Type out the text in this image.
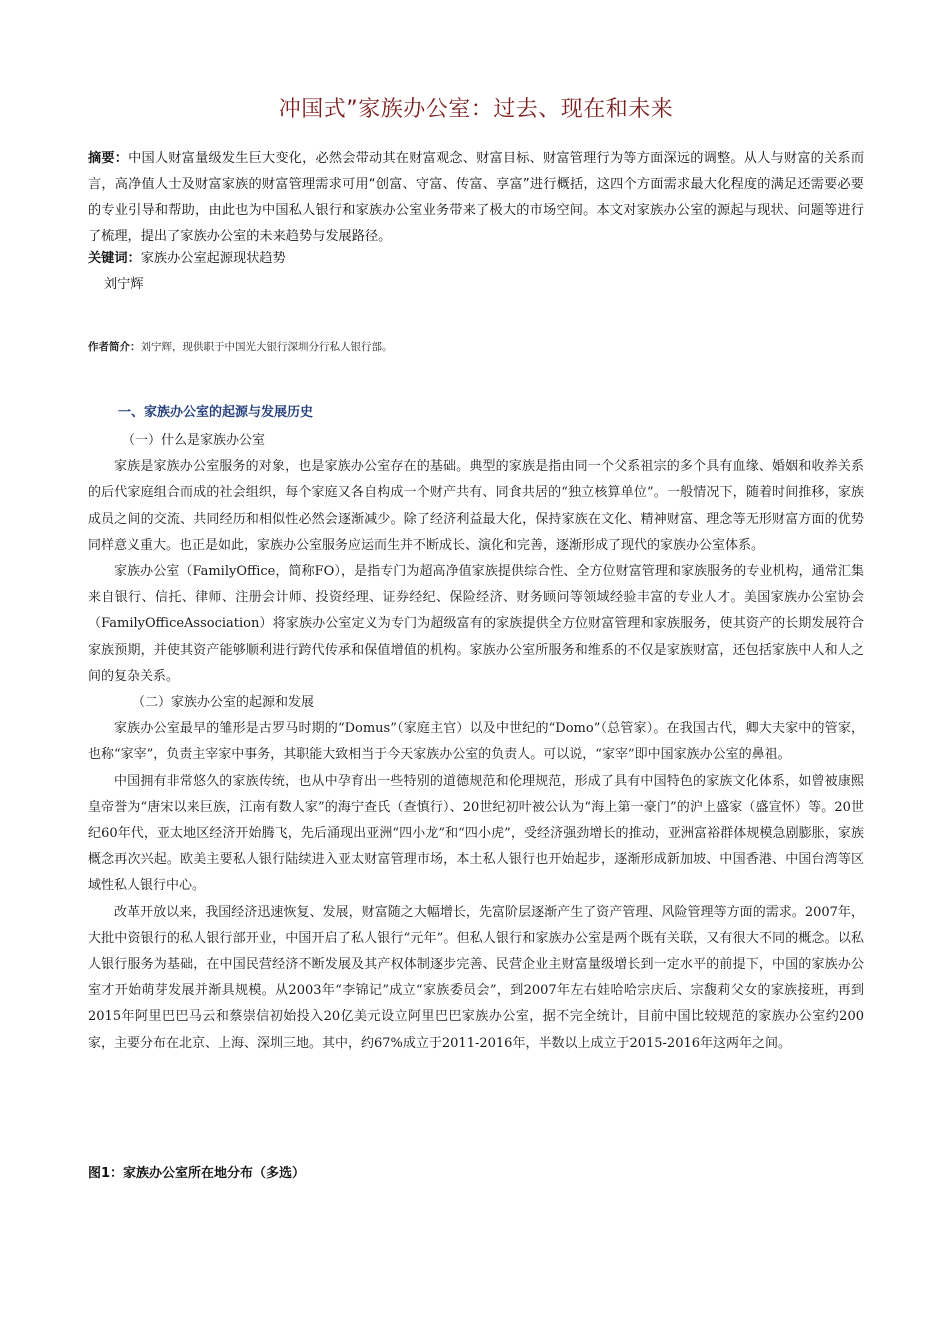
冲国式”家族办公室：过去、现在和未来
摘要：中国人财富量级发生巨大变化，必然会带动其在财富观念、财富目标、财富管理行为等方面深远的调整。从人与财富的关系而言，高净值人士及财富家族的财富管理需求可用“创富、守富、传富、享富”进行概括，这四个方面需求最大化程度的满足还需要必要的专业引导和帮助，由此也为中国私人银行和家族办公室业务带来了极大的市场空间。本文对家族办公室的源起与现状、问题等进行了梳理，提出了家族办公室的未来趋势与发展路径。
关键词：家族办公室起源现状趋势
刘宁辉
作者简介：刘宁辉，现供职于中国光大银行深圳分行私人银行部。
一、家族办公室的起源与发展历史

（一）什么是家族办公室

家族是家族办公室服务的对象，也是家族办公室存在的基础。典型的家族是指由同一个父系祖宗的多个具有血缘、婚姻和收养关系的后代家庭组合而成的社会组织，每个家庭又各自构成一个财产共有、同食共居的“独立核算单位”。一般情况下，随着时间推移，家族成员之间的交流、共同经历和相似性必然会逐渐减少。除了经济利益最大化，保持家族在文化、精神财富、理念等无形财富方面的优势同样意义重大。也正是如此，家族办公室服务应运而生并不断成长、演化和完善，逐渐形成了现代的家族办公室体系。

家族办公室（FamilyOffice，简称FO），是指专门为超高净值家族提供综合性、全方位财富管理和家族服务的专业机构，通常汇集来自银行、信托、律师、注册会计师、投资经理、证券经纪、保险经济、财务顾问等领域经验丰富的专业人才。美国家族办公室协会（FamilyOfficeAssociation）将家族办公室定义为专门为超级富有的家族提供全方位财富管理和家族服务，使其资产的长期发展符合家族预期，并使其资产能够顺利进行跨代传承和保值增值的机构。家族办公室所服务和维系的不仅是家族财富，还包括家族中人和人之间的复杂关系。

（二）家族办公室的起源和发展

家族办公室最早的雏形是古罗马时期的“Domus”（家庭主官）以及中世纪的“Domo”（总管家）。在我国古代，卿大夫家中的管家，也称“家宰”，负责主宰家中事务，其职能大致相当于今天家族办公室的负责人。可以说，“家宰”即中国家族办公室的鼻祖。

中国拥有非常悠久的家族传统，也从中孕育出一些特别的道德规范和伦理规范，形成了具有中国特色的家族文化体系，如曾被康熙皇帝誉为“唐宋以来巨族，江南有数人家”的海宁查氏（查慎行）、20世纪初叶被公认为“海上第一豪门”的沪上盛家（盛宣怀）等。20世纪60年代，亚太地区经济开始腾飞，先后涌现出亚洲“四小龙”和“四小虎”，受经济强劲增长的推动，亚洲富裕群体规模急剧膨胀，家族概念再次兴起。欧美主要私人银行陆续进入亚太财富管理市场，本土私人银行也开始起步，逐渐形成新加坡、中国香港、中国台湾等区域性私人银行中心。

改革开放以来，我国经济迅速恢复、发展，财富随之大幅增长，先富阶层逐渐产生了资产管理、风险管理等方面的需求。2007年，大批中资银行的私人银行部开业，中国开启了私人银行“元年”。但私人银行和家族办公室是两个既有关联，又有很大不同的概念。以私人银行服务为基础，在中国民营经济不断发展及其产权体制逐步完善、民营企业主财富量级增长到一定水平的前提下，中国的家族办公室才开始萌芽发展并渐具规模。从2003年“李锦记”成立“家族委员会”，到2007年左右娃哈哈宗庆后、宗馥莉父女的家族接班，再到2015年阿里巴巴马云和蔡崇信初始投入20亿美元设立阿里巴巴家族办公室，据不完全统计，目前中国比较规范的家族办公室约200家，主要分布在北京、上海、深圳三地。其中，约67%成立于2011-2016年，半数以上成立于2015-2016年这两年之间。

图1：家族办公室所在地分布（多选）
